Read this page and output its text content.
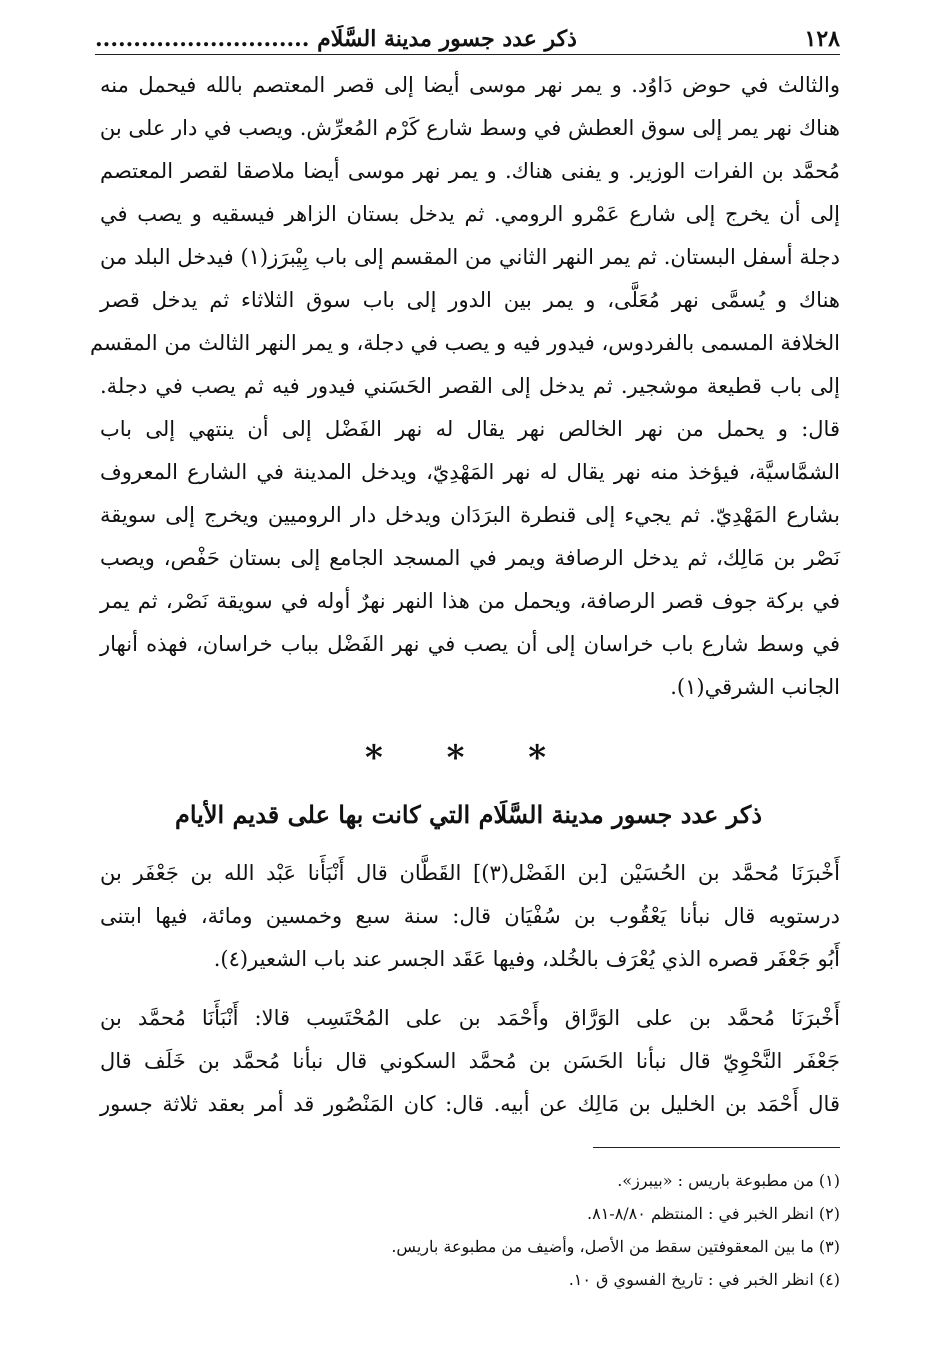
١٢٨
ذكر عدد جسور مدينة السَّلَام ............................
والثالث في حوض دَاوُد. و يمر نهر موسى أيضا إلى قصر المعتصم بالله فيحمل منه
هناك نهر يمر إلى سوق العطش في وسط شارع كَرْم المُعرِّش. ويصب في دار على بن
مُحمَّد بن الفرات الوزير. و يفنى هناك. و يمر نهر موسى أيضا ملاصقا لقصر المعتصم
إلى أن يخرج إلى شارع عَمْرو الرومي. ثم يدخل بستان الزاهر فيسقيه و يصب في
دجلة أسفل البستان. ثم يمر النهر الثاني من المقسم إلى باب بِيْبرَز(١) فيدخل البلد من
هناك و يُسمَّى نهر مُعَلَّى، و يمر بين الدور إلى باب سوق الثلاثاء ثم يدخل قصر
الخلافة المسمى بالفردوس، فيدور فيه و يصب في دجلة، و يمر النهر الثالث من المقسم
إلى باب قطيعة موشجير. ثم يدخل إلى القصر الحَسَني فيدور فيه ثم يصب في دجلة.
قال: و يحمل من نهر الخالص نهر يقال له نهر الفَضْل إلى أن ينتهي إلى باب
الشمَّاسيَّة، فيؤخذ منه نهر يقال له نهر المَهْدِيّ، ويدخل المدينة في الشارع المعروف
بشارع المَهْدِيّ. ثم يجيء إلى قنطرة البرَدَان ويدخل دار الروميين ويخرج إلى سويقة
نَصْر بن مَالِك، ثم يدخل الرصافة ويمر في المسجد الجامع إلى بستان حَفْص، ويصب
في بركة جوف قصر الرصافة، ويحمل من هذا النهر نهرٌ أوله في سويقة نَصْر، ثم يمر
في وسط شارع باب خراسان إلى أن يصب في نهر الفَضْل بباب خراسان، فهذه أنهار
الجانب الشرقي(١).
* * *
ذكر عدد جسور مدينة السَّلَام التي كانت بها على قديم الأيام
أَخْبرَنَا مُحمَّد بن الحُسَيْن [بن الفَضْل(٣)] القَطَّان قال أَنْبَأَنا عَبْد الله بن جَعْفَر بن
درستويه قال نبأنا يَعْقُوب بن سُفْيَان قال: سنة سبع وخمسين ومائة، فيها ابتنى
أَبُو جَعْفَر قصره الذي يُعْرَف بالخُلد، وفيها عَقَد الجسر عند باب الشعير(٤).
أَخْبرَنَا مُحمَّد بن على الوَرَّاق وأَحْمَد بن على المُحْتَسِب قالا: أَنْبَأَنَا مُحمَّد بن
جَعْفَر النَّحْوِيّ قال نبأنا الحَسَن بن مُحمَّد السكوني قال نبأنا مُحمَّد بن خَلَف قال
قال أَحْمَد بن الخليل بن مَالِك عن أبيه. قال: كان المَنْصُور قد أمر بعقد ثلاثة جسور
(١) من مطبوعة باريس : «بيبرز».
(٢) انظر الخبر في : المنتظم ٨/٨٠-٨١.
(٣) ما بين المعقوفتين سقط من الأصل، وأضيف من مطبوعة باريس.
(٤) انظر الخبر في : تاريخ الفسوي ق ١٠.
